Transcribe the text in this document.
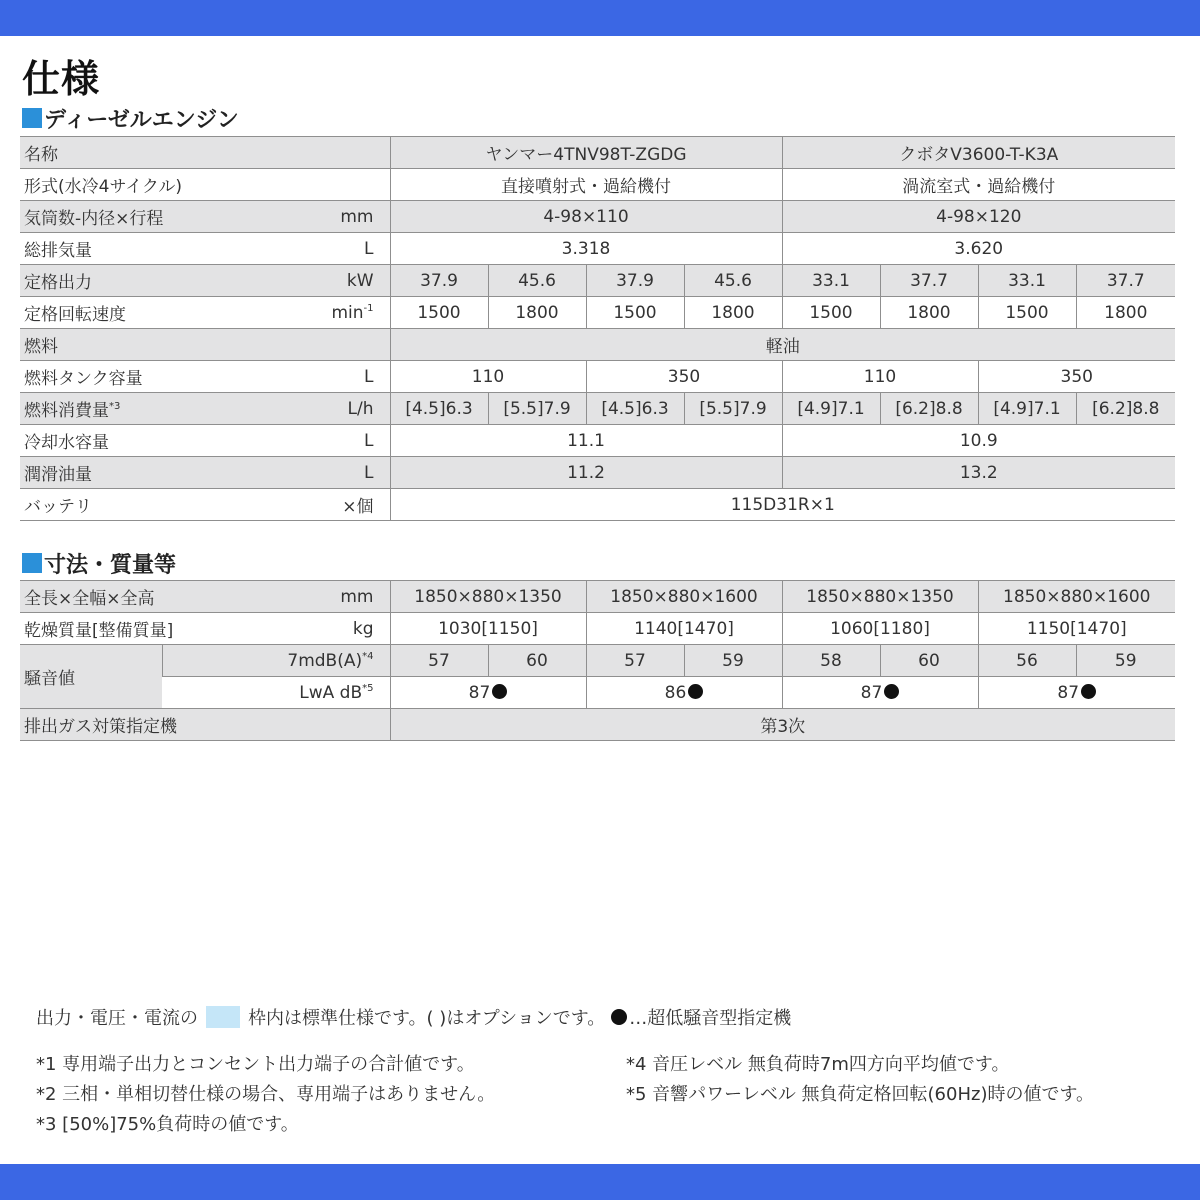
仕様
ディーゼルエンジン
名称		ヤンマー4TNV98T-ZGDG				クボタV3600-T-K3A			
形式(水冷4サイクル)		直接噴射式・過給機付				渦流室式・過給機付			
気筒数-内径×行程	mm	4-98×110				4-98×120			
総排気量	L	3.318				3.620			
定格出力	kW	37.9	45.6	37.9	45.6	33.1	37.7	33.1	37.7
定格回転速度	$\min^{-1}$	1500	1800	1500	1800	1500	1800	1500	1800
燃料		軽油							
燃料タンク容量	L	110		350		110		350	
燃料消費量$^{*3}$	L/h	[4.5]6.3	[5.5]7.9	[4.5]6.3	[5.5]7.9	[4.9]7.1	[6.2]8.8	[4.9]7.1	[6.2]8.8
冷却水容量	L	11.1				10.9			
潤滑油量	L	11.2				13.2			
バッテリ	×個	115D31R×1							
寸法・質量等
全長×全幅×全高		mm	1850×880×1350		1850×880×1600		1850×880×1350		1850×880×1600	
乾燥質量[整備質量]		kg	1030[1150]		1140[1470]		1060[1180]		1150[1470]	
騒音値	$7mdB(A)^{*4}$		57	60	57	59	58	60	56	59
	LwA $dB^{*5}$		87		86		87		87	
排出ガス対策指定機			第3次							

出力・電圧・電流の	枠内は標準仕様です。( )はオプションです。 …超低騒音型指定機

*1 専用端子出力とコンセント出力端子の合計値です。

*2 三相・単相切替仕様の場合、専用端子はありません。

*3 [50%]75%負荷時の値です。

*4 音圧レベル 無負荷時7m四方向平均値です。

*5 音響パワーレベル 無負荷定格回転(60Hz)時の値です。
